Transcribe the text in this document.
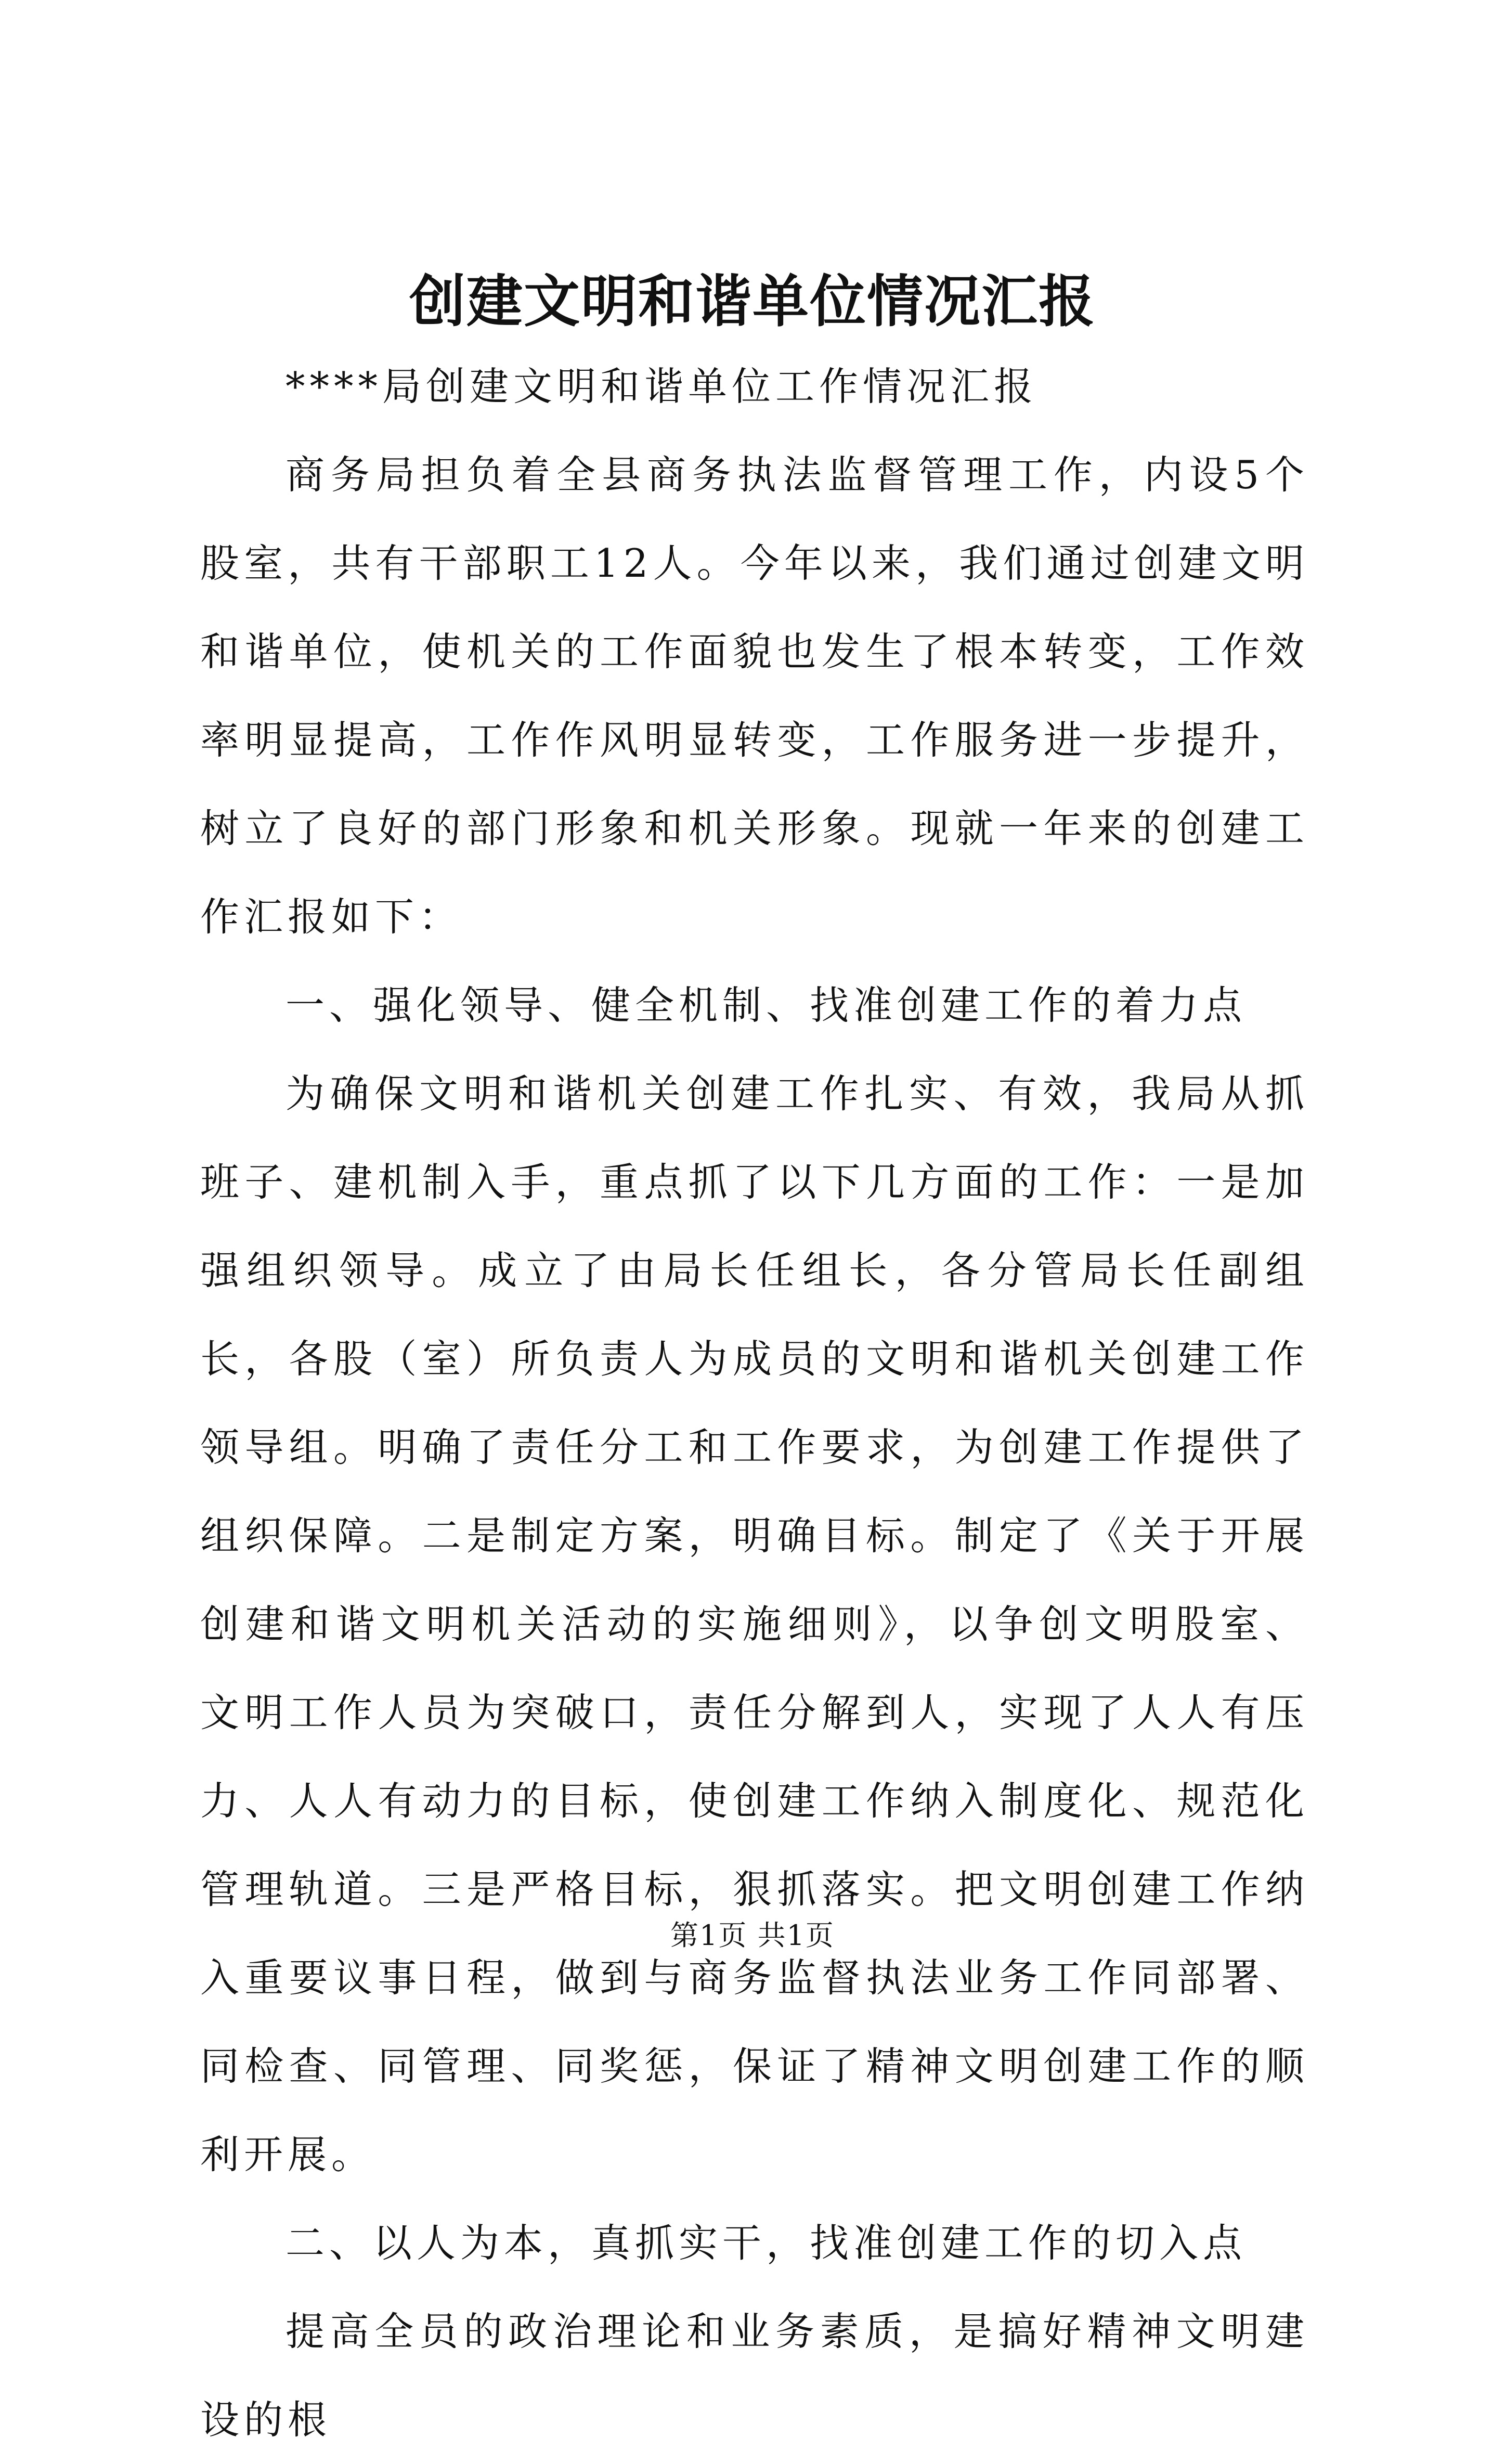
创建文明和谐单位情况汇报

****局创建文明和谐单位工作情况汇报

商务局担负着全县商务执法监督管理工作，内设5个股室，共有干部职工12人。今年以来，我们通过创建文明和谐单位，使机关的工作面貌也发生了根本转变，工作效率明显提高，工作作风明显转变，工作服务进一步提升，树立了良好的部门形象和机关形象。现就一年来的创建工作汇报如下：

一、强化领导、健全机制、找准创建工作的着力点

为确保文明和谐机关创建工作扎实、有效，我局从抓班子、建机制入手，重点抓了以下几方面的工作：一是加强组织领导。成立了由局长任组长，各分管局长任副组长，各股（室）所负责人为成员的文明和谐机关创建工作领导组。明确了责任分工和工作要求，为创建工作提供了组织保障。二是制定方案，明确目标。制定了《关于开展创建和谐文明机关活动的实施细则》，以争创文明股室、文明工作人员为突破口，责任分解到人，实现了人人有压力、人人有动力的目标，使创建工作纳入制度化、规范化管理轨道。三是严格目标，狠抓落实。把文明创建工作纳入重要议事日程，做到与商务监督执法业务工作同部署、同检查、同管理、同奖惩，保证了精神文明创建工作的顺利开展。

二、以人为本，真抓实干，找准创建工作的切入点

提高全员的政治理论和业务素质，是搞好精神文明建设的根

第1页 共1页
